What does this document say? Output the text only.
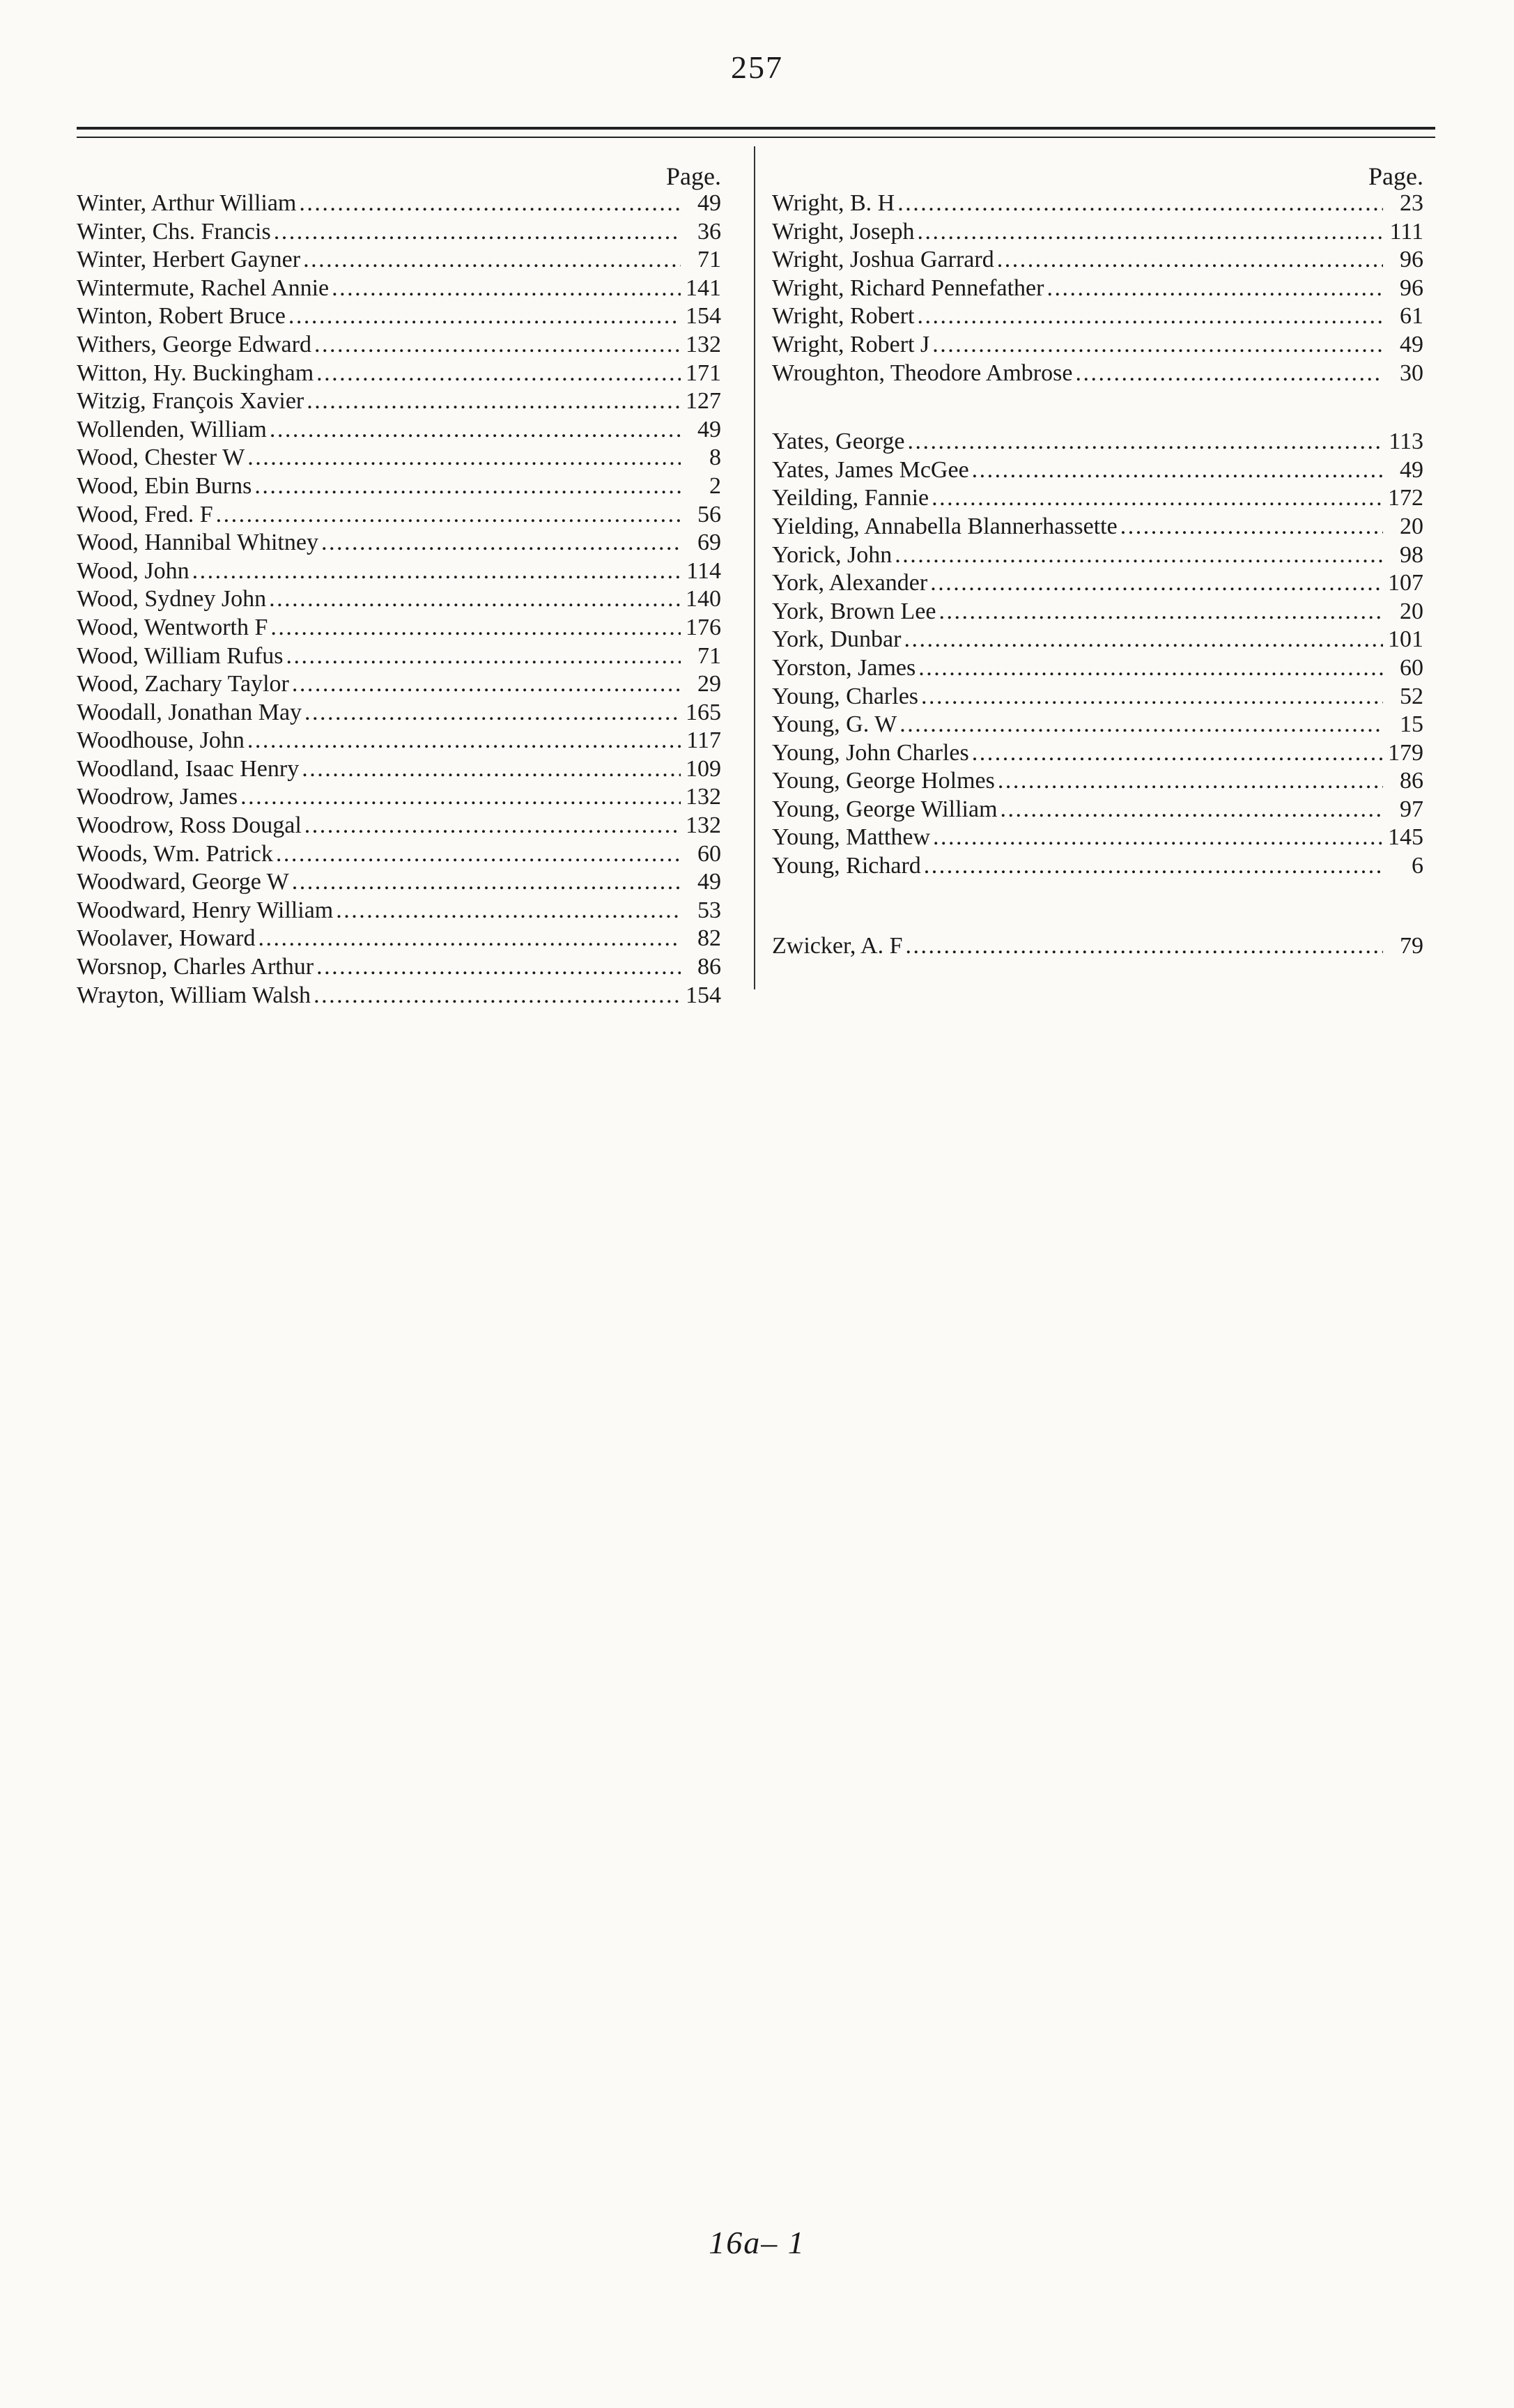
257
Page.
Winter, Arthur William . . .	49
Winter, Chs. Francis . . .	36
Winter, Herbert Gayner . . .	71
Wintermute, Rachel Annie . . .	141
Winton, Robert Bruce . . .	154
Withers, George Edward . . .	132
Witton, Hy. Buckingham . . .	171
Witzig, François Xavier . . .	127
Wollenden, William . . .	49
Wood, Chester W . . .	8
Wood, Ebin Burns . . .	2
Wood, Fred. F . . .	56
Wood, Hannibal Whitney . . .	69
Wood, John . . .	114
Wood, Sydney John . . .	140
Wood, Wentworth F . . .	176
Wood, William Rufus . . .	71
Wood, Zachary Taylor . . .	29
Woodall, Jonathan May . . .	165
Woodhouse, John . . .	117
Woodland, Isaac Henry . . .	109
Woodrow, James . . .	132
Woodrow, Ross Dougal . . .	132
Woods, Wm. Patrick . . .	60
Woodward, George W . . .	49
Woodward, Henry William . . .	53
Woolaver, Howard . . .	82
Worsnop, Charles Arthur . . .	86
Wrayton, William Walsh . . .	154
Page.
Wright, B. H . . .	23
Wright, Joseph . . .	111
Wright, Joshua Garrard . . .	96
Wright, Richard Pennefather . . .	96
Wright, Robert . . .	61
Wright, Robert J . . .	49
Wroughton, Theodore Ambrose . . .	30
Yates, George . . .	113
Yates, James McGee . . .	49
Yeilding, Fannie . . .	172
Yielding, Annabella Blannerhassette . . .	20
Yorick, John . . .	98
York, Alexander . . .	107
York, Brown Lee . . .	20
York, Dunbar . . .	101
Yorston, James . . .	60
Young, Charles . . .	52
Young, G. W . . .	15
Young, John Charles . . .	179
Young, George Holmes . . .	86
Young, George William . . .	97
Young, Matthew . . .	145
Young, Richard . . .	6
Zwicker, A. F . . .	79
16a– 1
